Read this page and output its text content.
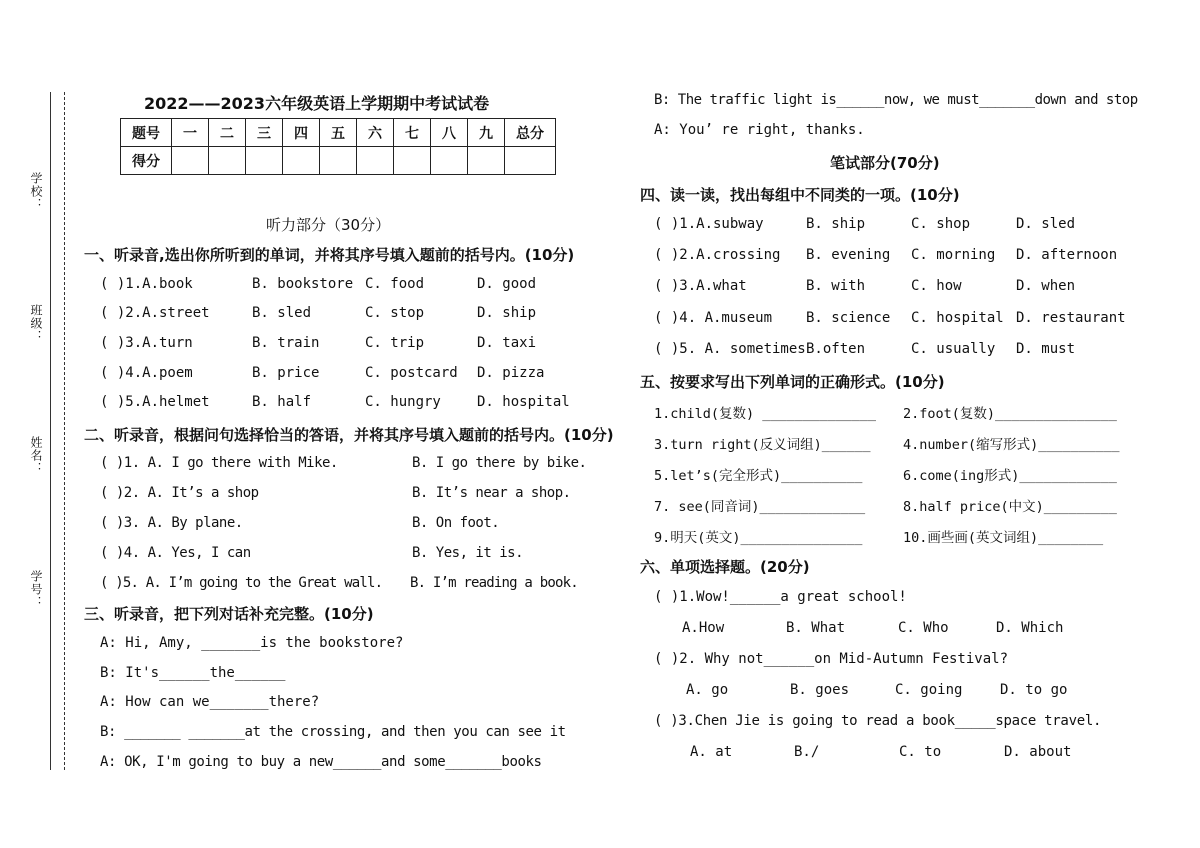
学校：
班级：
姓名：
学号：
2022——2023六年级英语上学期期中考试试卷
题号	一	二	三	四	五	六	七	八	九	总分
得分										
听力部分（30分）
一、听录音,选出你所听到的单词，并将其序号填入题前的括号内。(10分)
( )1.A.book	B. bookstore C. food	D. good
( )2.A.street	B. sled	C. stop	D. ship
( )3.A.turn	B. train	C. trip	D. taxi
( )4.A.poem	B. price	C. postcard D. pizza
( )5.A.helmet	B. half	C. hungry	D. hospital
二、听录音，根据问句选择恰当的答语，并将其序号填入题前的括号内。(10分)
( )1. A. I go there with Mike.	B. I go there by bike.
( )2. A. It’s a shop	B. It’s near a shop.
( )3. A. By plane.	B. On foot.
( )4. A. Yes, I can	B. Yes, it is.
( )5. A. I’m going to the Great wall. B. I’m reading a book.
三、听录音，把下列对话补充完整。(10分)
A: Hi, Amy, _______is the bookstore?
B: It's______the______
A: How can we_______there?
B: _______ _______at the crossing, and then you can see it
A: OK, I'm going to buy a new______and some_______books
B: The traffic light is______now, we must_______down and stop
A: You’ re right, thanks.
笔试部分(70分)
四、读一读，找出每组中不同类的一项。(10分)
( )1.A.subway	B. ship	C. shop	D. sled
( )2.A.crossing B. evening C. morning D. afternoon
( )3.A.what	B. with	C. how	D. when
( )4. A.museum B. science C. hospital D. restaurant
( )5. A. sometimes B.often	C. usually D. must
五、按要求写出下列单词的正确形式。(10分)
1.child(复数) ______________ 2.foot(复数)_______________
3.turn right(反义词组)______ 4.number(缩写形式)__________
5.let’s(完全形式)__________	6.come(ing形式)____________
7. see(同音词)_____________	8.half price(中文)_________
9.明天(英文)_______________	10.画些画(英文词组)________
六、单项选择题。(20分)
( )1.Wow!______a great school!
A.How	B. What	C. Who	D. Which
( )2. Why not______on Mid-Autumn Festival?
A. go	B. goes	C. going	D. to go
( )3.Chen Jie is going to read a book_____space travel.
A. at	B./	C. to	D. about
